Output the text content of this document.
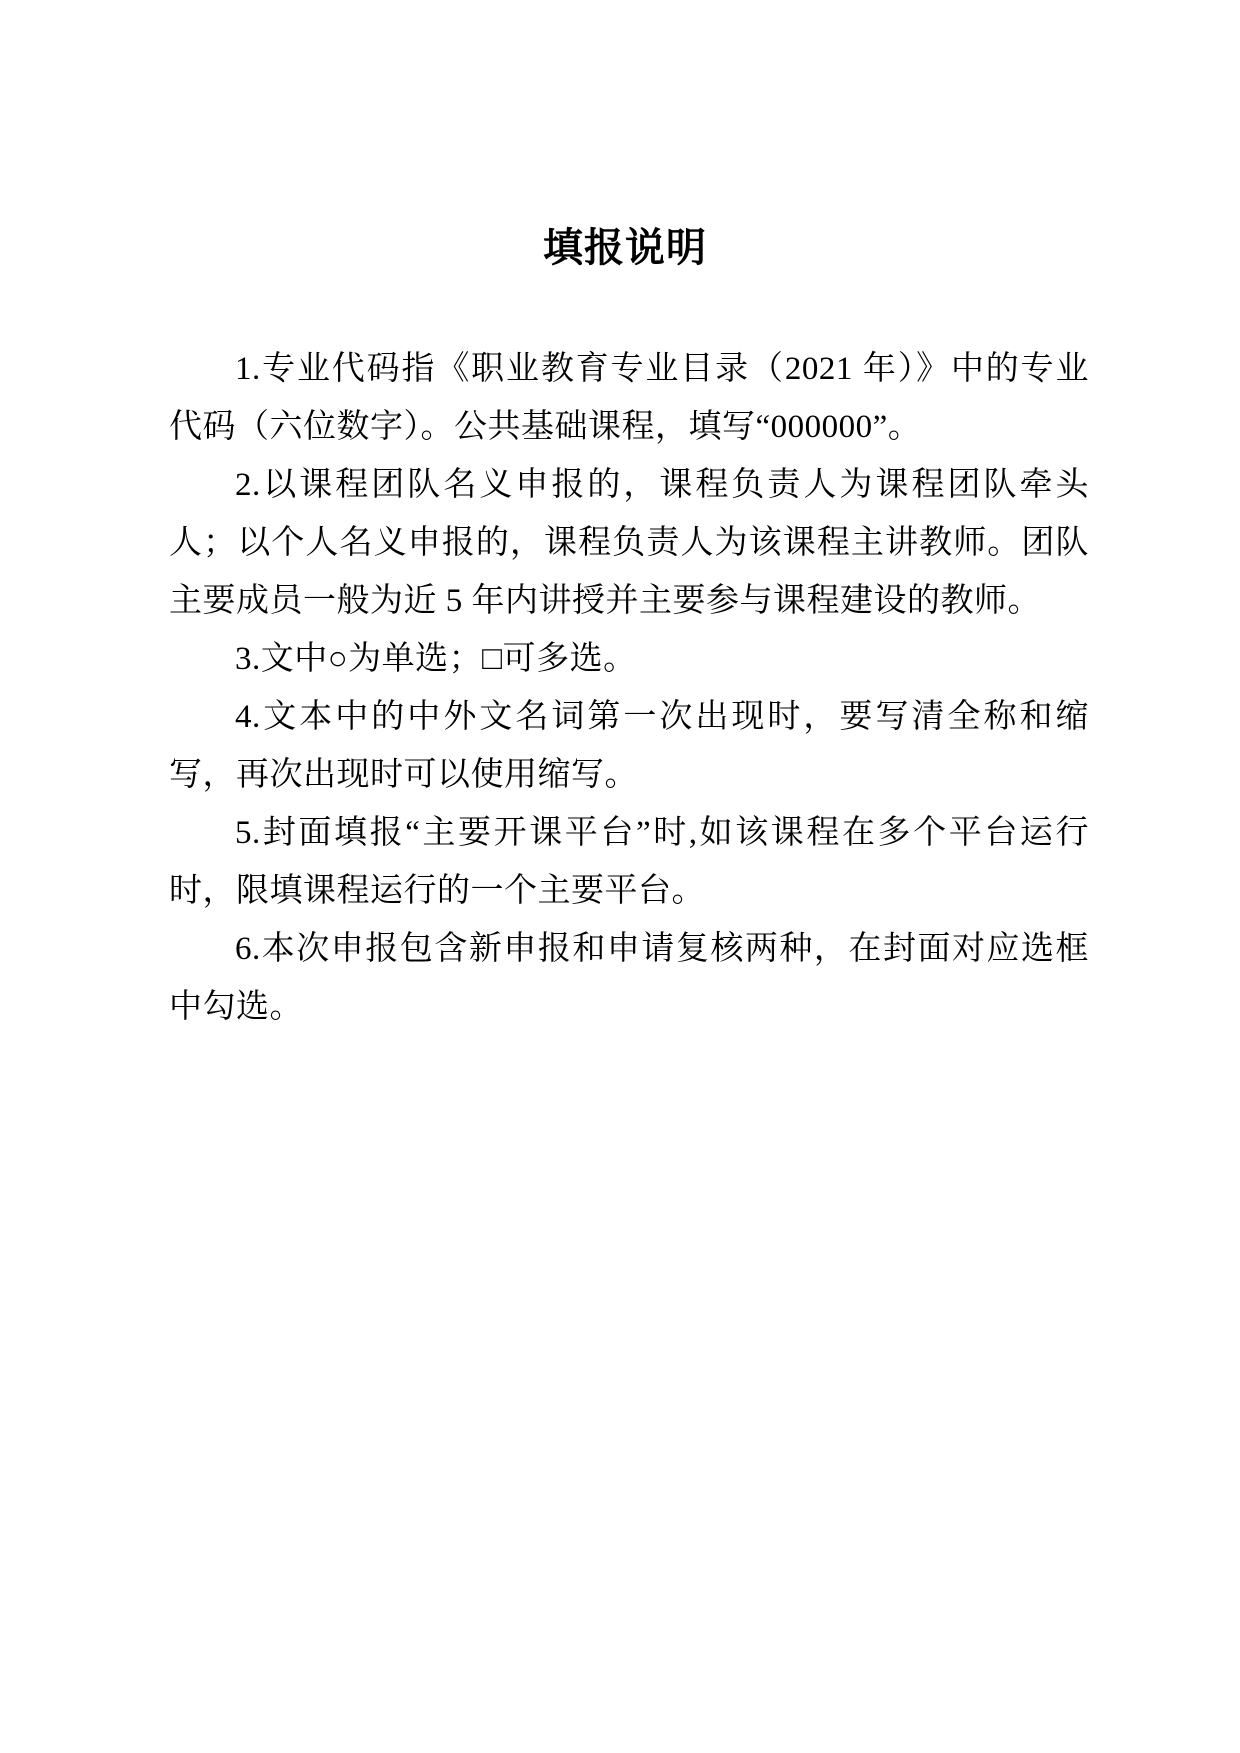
填报说明

1.专业代码指《职业教育专业目录（2021 年）》中的专业代码（六位数字）。公共基础课程，填写“000000”。

2.以课程团队名义申报的，课程负责人为课程团队牵头人；以个人名义申报的，课程负责人为该课程主讲教师。团队主要成员一般为近 5 年内讲授并主要参与课程建设的教师。

3.文中○为单选；□可多选。

4.文本中的中外文名词第一次出现时，要写清全称和缩写，再次出现时可以使用缩写。

5.封面填报“主要开课平台”时,如该课程在多个平台运行时，限填课程运行的一个主要平台。

6.本次申报包含新申报和申请复核两种，在封面对应选框中勾选。
